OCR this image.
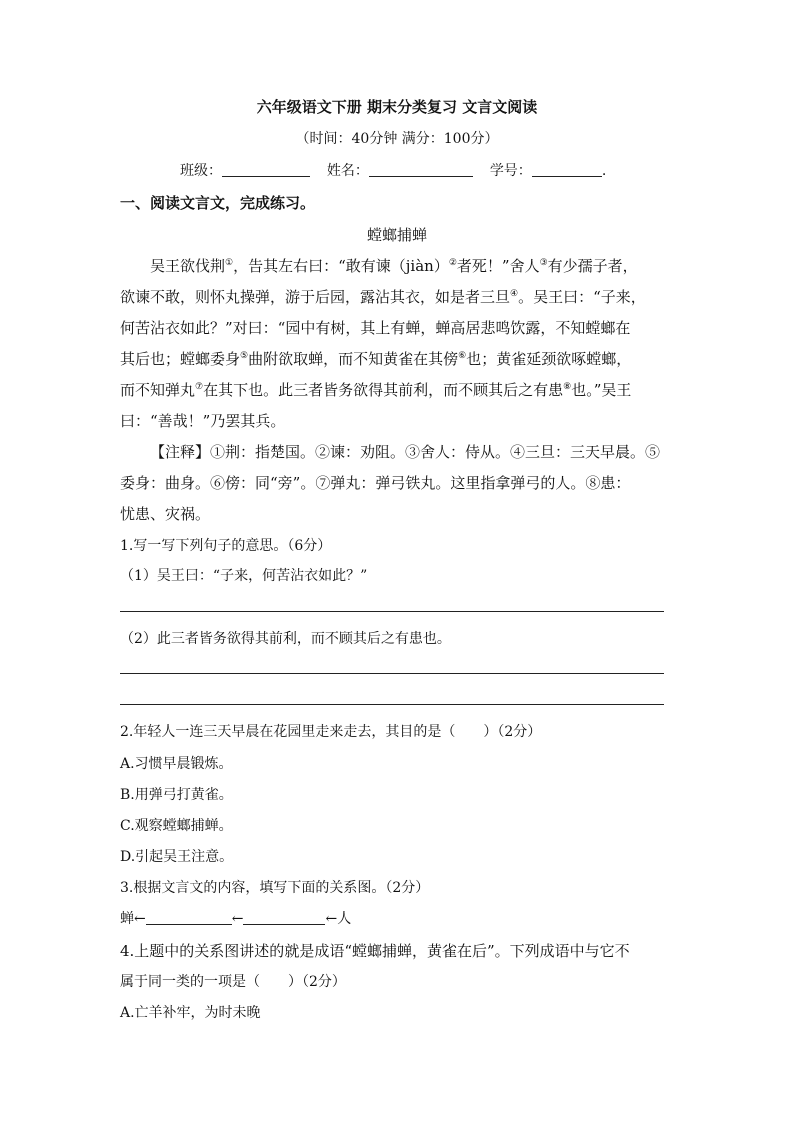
六年级语文下册 期末分类复习 文言文阅读
（时间：40分钟 满分：100分）
班级：	姓名：	学号：	.
一、阅读文言文，完成练习。
螳螂捕蝉
吴王欲伐荆①，告其左右曰：“敢有谏（jiàn）②者死！”舍人③有少孺子者，
欲谏不敢，则怀丸操弹，游于后园，露沾其衣，如是者三旦④。吴王曰：“子来，
何苦沾衣如此？”对曰：“园中有树，其上有蝉，蝉高居悲鸣饮露，不知螳螂在
其后也；螳螂委身⑤曲附欲取蝉，而不知黄雀在其傍⑥也；黄雀延颈欲啄螳螂，
而不知弹丸⑦在其下也。此三者皆务欲得其前利，而不顾其后之有患⑧也。”吴王
曰：“善哉！”乃罢其兵。
【注释】①荆：指楚国。②谏：劝阻。③舍人：侍从。④三旦：三天早晨。⑤
委身：曲身。⑥傍：同“旁”。⑦弹丸：弹弓铁丸。这里指拿弹弓的人。⑧患：
忧患、灾祸。
1.写一写下列句子的意思。（6分）
（1）吴王曰：“子来，何苦沾衣如此？”
（2）此三者皆务欲得其前利，而不顾其后之有患也。
2.年轻人一连三天早晨在花园里走来走去，其目的是（　　）（2分）
A.习惯早晨锻炼。
B.用弹弓打黄雀。
C.观察螳螂捕蝉。
D.引起吴王注意。
3.根据文言文的内容，填写下面的关系图。（2分）
蝉←	←	←人
4.上题中的关系图讲述的就是成语“螳螂捕蝉，黄雀在后”。下列成语中与它不
属于同一类的一项是（　　）（2分）
A.亡羊补牢，为时未晚
